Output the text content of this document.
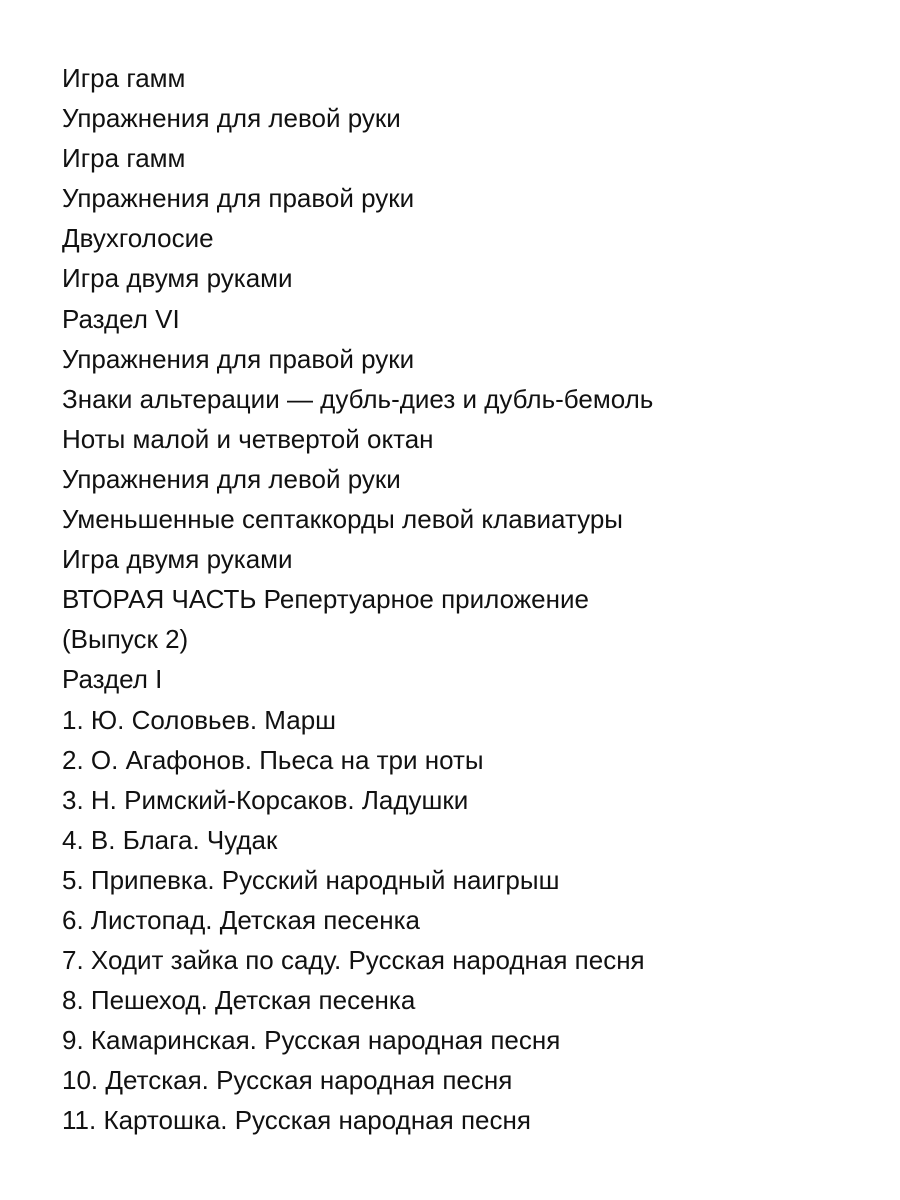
Игра гамм
Упражнения для левой руки
Игра гамм
Упражнения для правой руки
Двухголосие
Игра двумя руками
Раздел VI
Упражнения для правой руки
Знаки альтерации — дубль-диез и дубль-бемоль
Ноты малой и четвертой октан
Упражнения для левой руки
Уменьшенные септаккорды левой клавиатуры
Игра двумя руками
ВТОРАЯ ЧАСТЬ Репертуарное приложение
(Выпуск 2)
Раздел I
1. Ю. Соловьев. Марш
2. О. Агафонов. Пьеса на три ноты
3. Н. Римский-Корсаков. Ладушки
4. В. Блага. Чудак
5. Припевка. Русский народный наигрыш
6. Листопад. Детская песенка
7. Ходит зайка по саду. Русская народная песня
8. Пешеход. Детская песенка
9. Камаринская. Русская народная песня
10. Детская. Русская народная песня
11. Картошка. Русская народная песня
